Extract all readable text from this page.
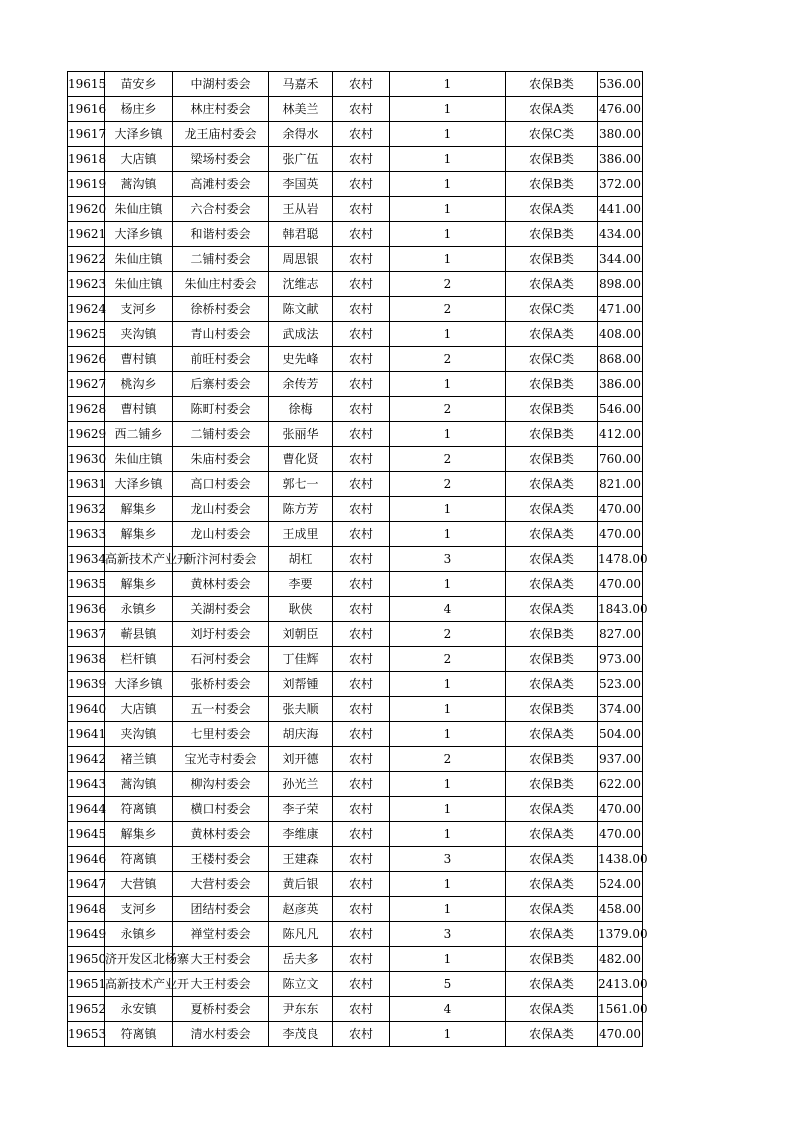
19615	苗安乡	中湖村委会	马嘉禾	农村	1	农保B类	536.00
19616	杨庄乡	林庄村委会	林美兰	农村	1	农保A类	476.00
19617	大泽乡镇	龙王庙村委会	余得水	农村	1	农保C类	380.00
19618	大店镇	梁场村委会	张广伍	农村	1	农保B类	386.00
19619	蒿沟镇	高滩村委会	李国英	农村	1	农保B类	372.00
19620	朱仙庄镇	六合村委会	王从岩	农村	1	农保A类	441.00
19621	大泽乡镇	和谐村委会	韩君聪	农村	1	农保B类	434.00
19622	朱仙庄镇	二铺村委会	周思银	农村	1	农保B类	344.00
19623	朱仙庄镇	朱仙庄村委会	沈维志	农村	2	农保A类	898.00
19624	支河乡	徐桥村委会	陈文献	农村	2	农保C类	471.00
19625	夹沟镇	青山村委会	武成法	农村	1	农保A类	408.00
19626	曹村镇	前旺村委会	史先峰	农村	2	农保C类	868.00
19627	桃沟乡	后寨村委会	余传芳	农村	1	农保B类	386.00
19628	曹村镇	陈町村委会	徐梅	农村	2	农保B类	546.00
19629	西二铺乡	二铺村委会	张丽华	农村	1	农保B类	412.00
19630	朱仙庄镇	朱庙村委会	曹化贤	农村	2	农保B类	760.00
19631	大泽乡镇	高口村委会	郭七一	农村	2	农保A类	821.00
19632	解集乡	龙山村委会	陈方芳	农村	1	农保A类	470.00
19633	解集乡	龙山村委会	王成里	农村	1	农保A类	470.00
19634	高新技术产业开	新汴河村委会	胡杠	农村	3	农保A类	1478.00
19635	解集乡	黄林村委会	李要	农村	1	农保A类	470.00
19636	永镇乡	关湖村委会	耿侠	农村	4	农保A类	1843.00
19637	蕲县镇	刘圩村委会	刘朝臣	农村	2	农保B类	827.00
19638	栏杆镇	石河村委会	丁佳辉	农村	2	农保B类	973.00
19639	大泽乡镇	张桥村委会	刘帮锺	农村	1	农保A类	523.00
19640	大店镇	五一村委会	张夫顺	农村	1	农保B类	374.00
19641	夹沟镇	七里村委会	胡庆海	农村	1	农保A类	504.00
19642	褚兰镇	宝光寺村委会	刘开德	农村	2	农保B类	937.00
19643	蒿沟镇	柳沟村委会	孙光兰	农村	1	农保B类	622.00
19644	符离镇	横口村委会	李子荣	农村	1	农保A类	470.00
19645	解集乡	黄林村委会	李维康	农村	1	农保A类	470.00
19646	符离镇	王楼村委会	王建森	农村	3	农保A类	1438.00
19647	大营镇	大营村委会	黄后银	农村	1	农保A类	524.00
19648	支河乡	团结村委会	赵彦英	农村	1	农保A类	458.00
19649	永镇乡	禅堂村委会	陈凡凡	农村	3	农保A类	1379.00
19650	济开发区北杨寨	大王村委会	岳夫多	农村	1	农保B类	482.00
19651	高新技术产业开	大王村委会	陈立文	农村	5	农保A类	2413.00
19652	永安镇	夏桥村委会	尹东东	农村	4	农保A类	1561.00
19653	符离镇	清水村委会	李茂良	农村	1	农保A类	470.00
